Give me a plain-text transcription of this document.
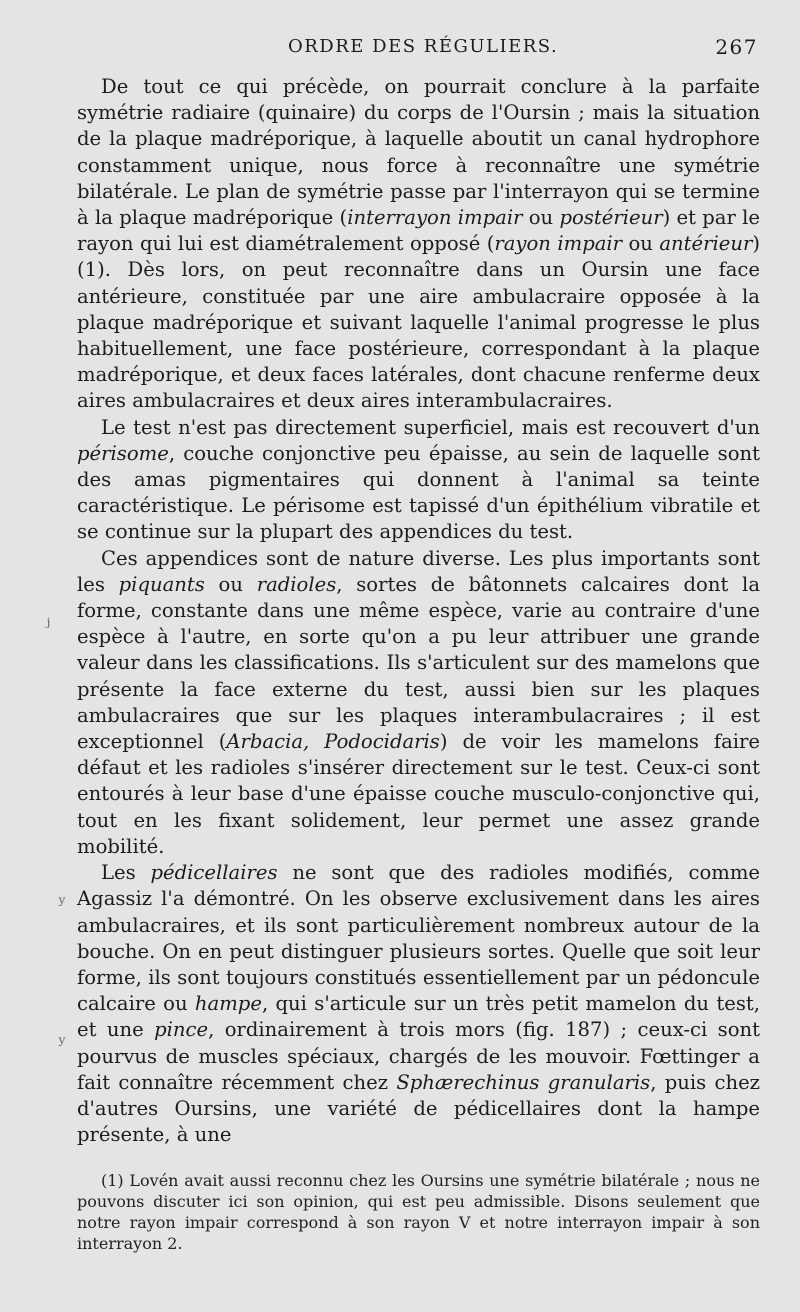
ORDRE DES RÉGULIERS.	267

De tout ce qui précède, on pourrait conclure à la parfaite symétrie radiaire (quinaire) du corps de l'Oursin ; mais la situation de la plaque madréporique, à laquelle aboutit un canal hydrophore constamment unique, nous force à reconnaître une symétrie bilatérale. Le plan de symétrie passe par l'interrayon qui se termine à la plaque madréporique (interrayon impair ou postérieur) et par le rayon qui lui est diamétralement opposé (rayon impair ou antérieur) (1). Dès lors, on peut reconnaître dans un Oursin une face antérieure, constituée par une aire ambulacraire opposée à la plaque madréporique et suivant laquelle l'animal progresse le plus habituellement, une face postérieure, correspondant à la plaque madréporique, et deux faces latérales, dont chacune renferme deux aires ambulacraires et deux aires interambulacraires.

Le test n'est pas directement superficiel, mais est recouvert d'un périsome, couche conjonctive peu épaisse, au sein de laquelle sont des amas pigmentaires qui donnent à l'animal sa teinte caractéristique. Le périsome est tapissé d'un épithélium vibratile et se continue sur la plupart des appendices du test.

Ces appendices sont de nature diverse. Les plus importants sont les piquants ou radioles, sortes de bâtonnets calcaires dont la forme, constante dans une même espèce, varie au contraire d'une espèce à l'autre, en sorte qu'on a pu leur attribuer une grande valeur dans les classifications. Ils s'articulent sur des mamelons que présente la face externe du test, aussi bien sur les plaques ambulacraires que sur les plaques interambulacraires ; il est exceptionnel (Arbacia, Podocidaris) de voir les mamelons faire défaut et les radioles s'insérer directement sur le test. Ceux-ci sont entourés à leur base d'une épaisse couche musculo-conjonctive qui, tout en les fixant solidement, leur permet une assez grande mobilité.

Les pédicellaires ne sont que des radioles modifiés, comme Agassiz l'a démontré. On les observe exclusivement dans les aires ambulacraires, et ils sont particulièrement nombreux autour de la bouche. On en peut distinguer plusieurs sortes. Quelle que soit leur forme, ils sont toujours constitués essentiellement par un pédoncule calcaire ou hampe, qui s'articule sur un très petit mamelon du test, et une pince, ordinairement à trois mors (fig. 187) ; ceux-ci sont pourvus de muscles spéciaux, chargés de les mouvoir. Fœttinger a fait connaître récemment chez Sphærechinus granularis, puis chez d'autres Oursins, une variété de pédicellaires dont la hampe présente, à une

(1) Lovén avait aussi reconnu chez les Oursins une symétrie bilatérale ; nous ne pouvons discuter ici son opinion, qui est peu admissible. Disons seulement que notre rayon impair correspond à son rayon V et notre interrayon impair à son interrayon 2.
ʲ
ʸ
ʸ
